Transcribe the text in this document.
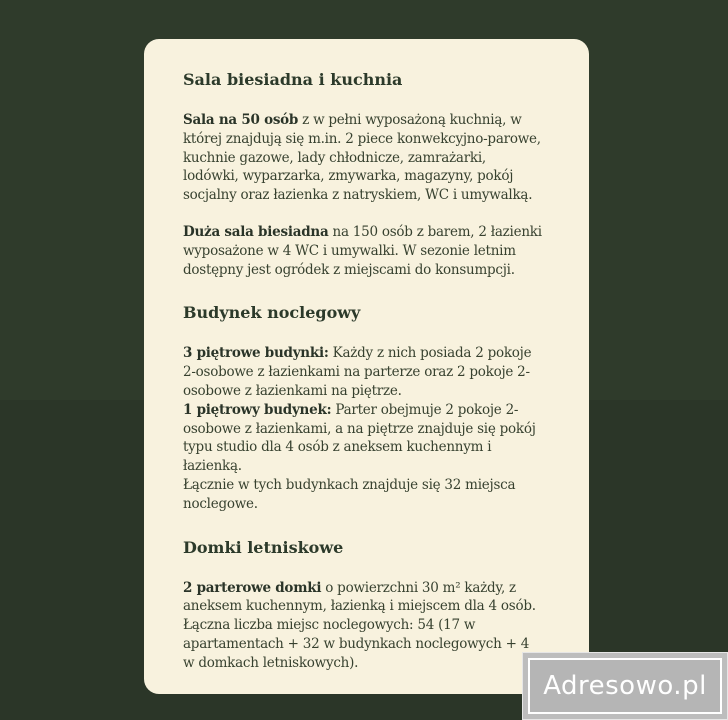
Sala biesiadna i kuchnia

Sala na 50 osób z w pełni wyposażoną kuchnią, w której znajdują się m.in. 2 piece konwekcyjno-parowe, kuchnie gazowe, lady chłodnicze, zamrażarki, lodówki, wyparzarka, zmywarka, magazyny, pokój socjalny oraz łazienka z natryskiem, WC i umywalką.

Duża sala biesiadna na 150 osób z barem, 2 łazienki wyposażone w 4 WC i umywalki. W sezonie letnim dostępny jest ogródek z miejscami do konsumpcji.

Budynek noclegowy

3 piętrowe budynki: Każdy z nich posiada 2 pokoje 2-osobowe z łazienkami na parterze oraz 2 pokoje 2-osobowe z łazienkami na piętrze.

1 piętrowy budynek: Parter obejmuje 2 pokoje 2-osobowe z łazienkami, a na piętrze znajduje się pokój typu studio dla 4 osób z aneksem kuchennym i łazienką.

Łącznie w tych budynkach znajduje się 32 miejsca noclegowe.

Domki letniskowe

2 parterowe domki o powierzchni 30 m² każdy, z aneksem kuchennym, łazienką i miejscem dla 4 osób.

Łączna liczba miejsc noclegowych: 54 (17 w apartamentach + 32 w budynkach noclegowych + 4 w domkach letniskowych).

Adresowo.pl
